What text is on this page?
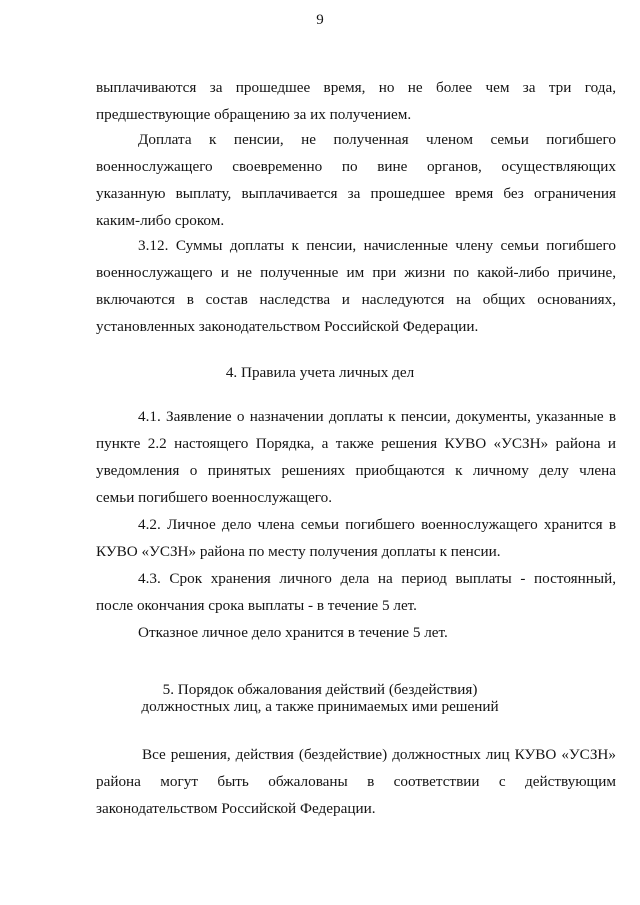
9
выплачиваются за прошедшее время, но не более чем за три года,
предшествующие обращению за их получением.
Доплата к пенсии, не полученная членом семьи погибшего
военнослужащего своевременно по вине органов, осуществляющих
указанную выплату, выплачивается за прошедшее время без ограничения
каким-либо сроком.
3.12. Суммы доплаты к пенсии, начисленные члену семьи погибшего
военнослужащего и не полученные им при жизни по какой-либо причине,
включаются в состав наследства и наследуются на общих основаниях,
установленных законодательством Российской Федерации.
4. Правила учета личных дел
4.1. Заявление о назначении доплаты к пенсии, документы, указанные в
пункте 2.2 настоящего Порядка, а также решения КУВО «УСЗН» района и
уведомления о принятых решениях приобщаются к личному делу члена
семьи погибшего военнослужащего.
4.2. Личное дело члена семьи погибшего военнослужащего хранится в
КУВО «УСЗН» района по месту получения доплаты к пенсии.
4.3. Срок хранения личного дела на период выплаты - постоянный,
после окончания срока выплаты - в течение 5 лет.
Отказное личное дело хранится в течение 5 лет.
5. Порядок обжалования действий (бездействия)
должностных лиц, а также принимаемых ими решений
Все решения, действия (бездействие) должностных лиц КУВО «УСЗН»
района могут быть обжалованы в соответствии с действующим
законодательством Российской Федерации.
